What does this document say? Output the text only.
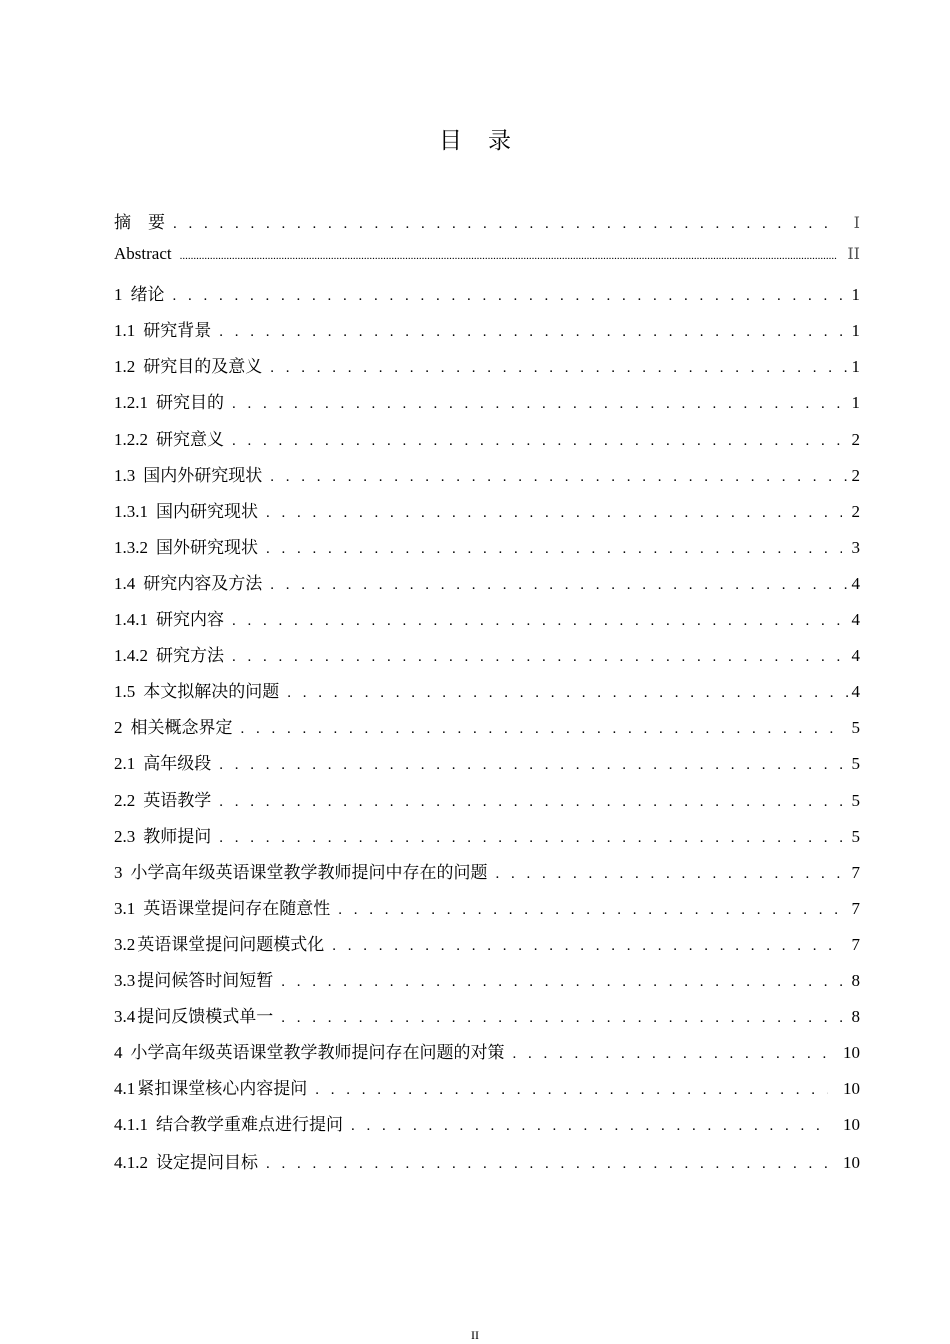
目录
摘　要 . . .	I
Abstract .....	II
1 绪论 . . .	1
1.1 研究背景 . . .	1
1.2 研究目的及意义 . . .	1
1.2.1 研究目的 . . .	1
1.2.2 研究意义 . . .	2
1.3 国内外研究现状 . . .	2
1.3.1 国内研究现状 . . .	2
1.3.2 国外研究现状 . . .	3
1.4 研究内容及方法 . . .	4
1.4.1 研究内容 . . .	4
1.4.2 研究方法 . . .	4
1.5 本文拟解决的问题 . . .	4
2 相关概念界定 . . .	5
2.1 高年级段 . . .	5
2.2 英语教学 . . .	5
2.3 教师提问 . . .	5
3 小学高年级英语课堂教学教师提问中存在的问题 . . .	7
3.1 英语课堂提问存在随意性 . . .	7
3.2 英语课堂提问问题模式化 . . .	7
3.3 提问候答时间短暂 . . .	8
3.4 提问反馈模式单一 . . .	8
4 小学高年级英语课堂教学教师提问存在问题的对策 . . .	10
4.1 紧扣课堂核心内容提问 . . .	10
4.1.1 结合教学重难点进行提问 . . .	10
4.1.2 设定提问目标 . . .	10
II
